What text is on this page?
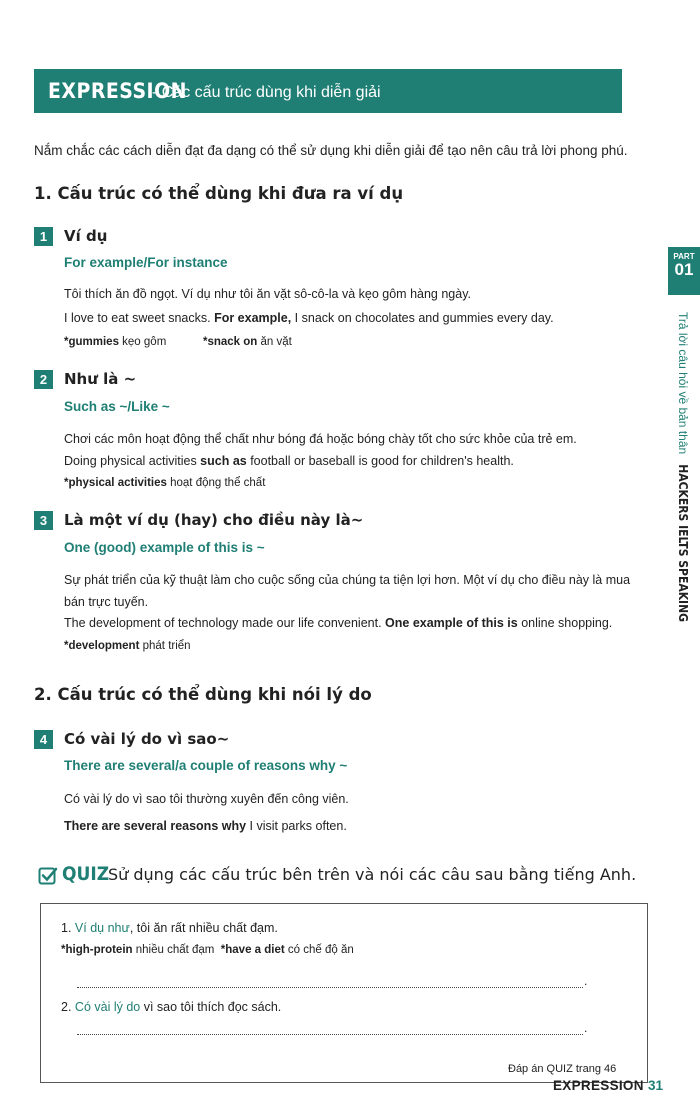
EXPRESSION
- Các cấu trúc dùng khi diễn giải
Nắm chắc các cách diễn đạt đa dạng có thể sử dụng khi diễn giải để tạo nên câu trả lời phong phú.
1. Cấu trúc có thể dùng khi đưa ra ví dụ
1	Ví dụ
For example/For instance
Tôi thích ăn đồ ngọt. Ví dụ như tôi ăn vặt sô-cô-la và kẹo gôm hàng ngày.
I love to eat sweet snacks. For example, I snack on chocolates and gummies every day.
*gummies kẹo gôm	*snack on ăn vặt
2	Như là ~
Such as ~/Like ~
Chơi các môn hoạt động thể chất như bóng đá hoặc bóng chày tốt cho sức khỏe của trẻ em.
Doing physical activities such as football or baseball is good for children's health.
*physical activities hoạt động thể chất
3	Là một ví dụ (hay) cho điều này là~
One (good) example of this is ~
Sự phát triển của kỹ thuật làm cho cuộc sống của chúng ta tiện lợi hơn. Một ví dụ cho điều này là mua
bán trực tuyến.
The development of technology made our life convenient. One example of this is online shopping.
*development phát triển
2. Cấu trúc có thể dùng khi nói lý do
4	Có vài lý do vì sao~
There are several/a couple of reasons why ~
Có vài lý do vì sao tôi thường xuyên đến công viên.
There are several reasons why I visit parks often.
QUIZ
Sử dụng các cấu trúc bên trên và nói các câu sau bằng tiếng Anh.
1. Ví dụ như, tôi ăn rất nhiều chất đạm.
*high-protein nhiều chất đạm *have a diet có chế độ ăn
.
2. Có vài lý do vì sao tôi thích đọc sách.
.
PART
01
Trả lời câu hỏi về bản thân   HACKERS IELTS SPEAKING
Đáp án QUIZ trang 46
EXPRESSION 31
